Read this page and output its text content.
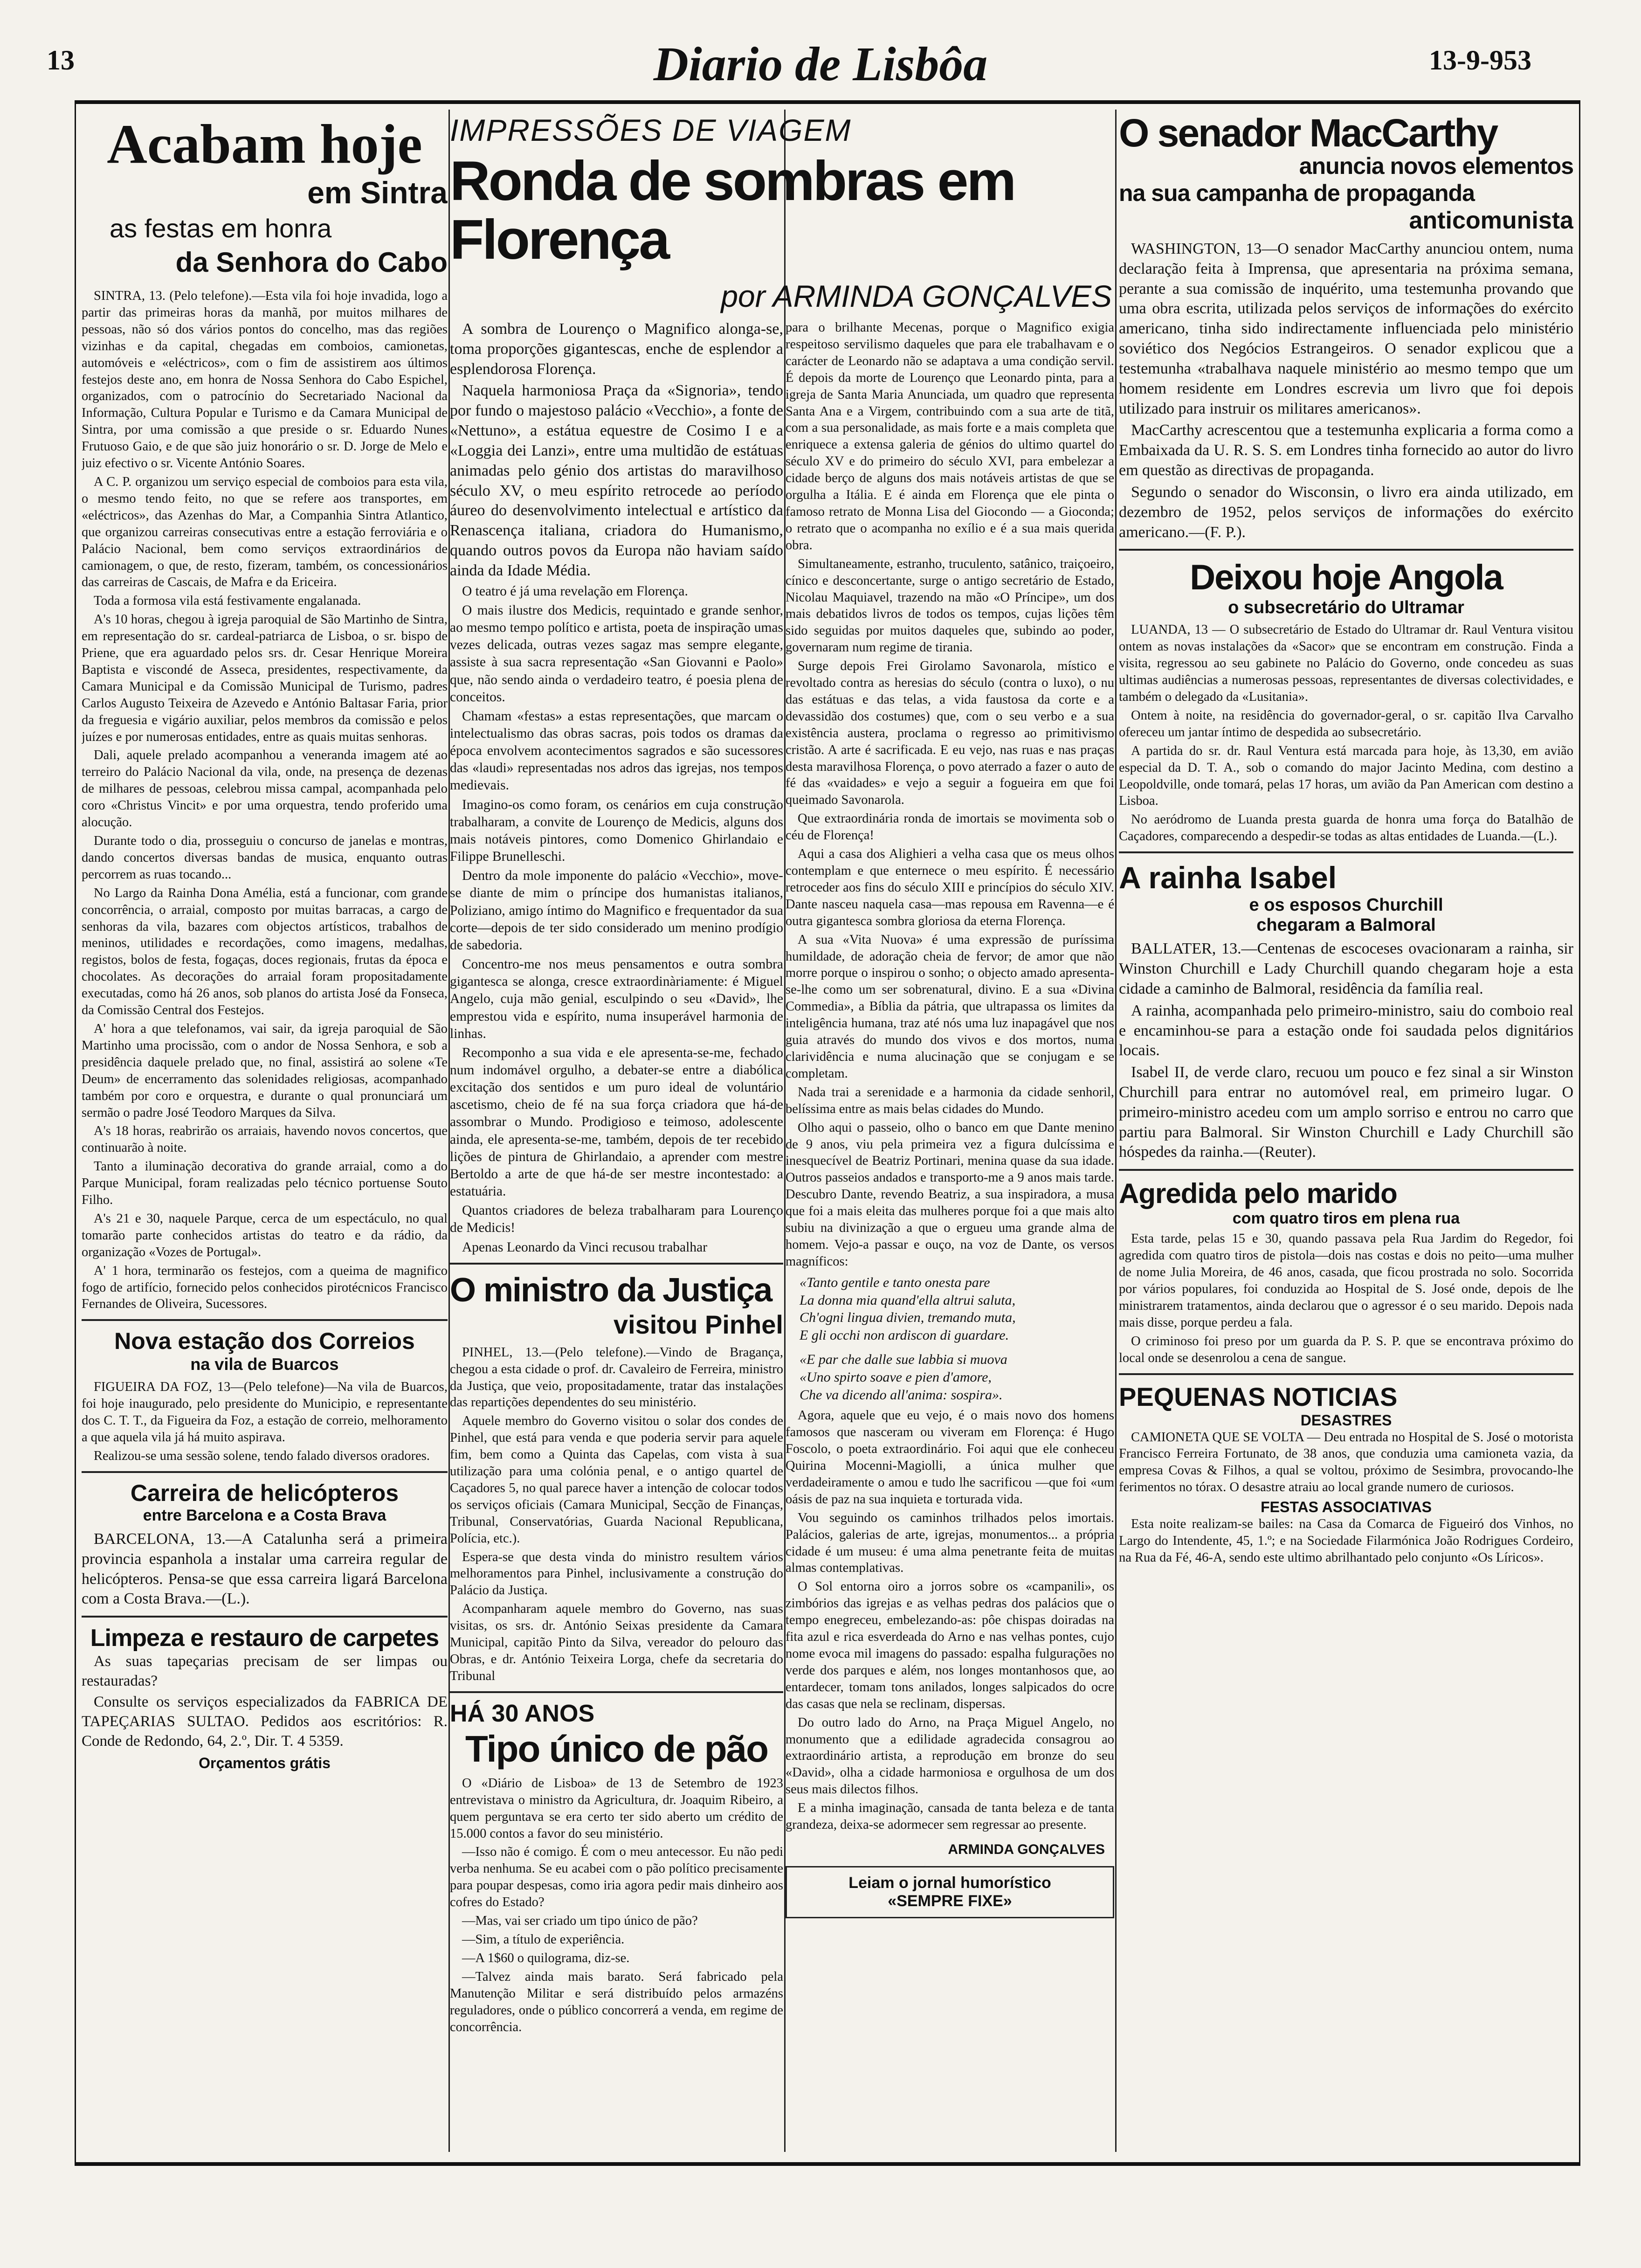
13	Diario de Lisbôa	13-9-953
Acabam hoje
em Sintra
as festas em honra
da Senhora do Cabo

SINTRA, 13. (Pelo telefone).—Esta vila foi hoje invadida, logo a partir das primeiras horas da manhã, por muitos milhares de pessoas, não só dos vários pontos do concelho, mas das regiões vizinhas e da capital, chegadas em comboios, camionetas, automóveis e «eléctricos», com o fim de assistirem aos últimos festejos deste ano, em honra de Nossa Senhora do Cabo Espichel, organizados, com o patrocínio do Secretariado Nacional da Informação, Cultura Popular e Turismo e da Camara Municipal de Sintra, por uma comissão a que preside o sr. Eduardo Nunes Frutuoso Gaio, e de que são juiz honorário o sr. D. Jorge de Melo e juiz efectivo o sr. Vicente António Soares.

A C. P. organizou um serviço especial de comboios para esta vila, o mesmo tendo feito, no que se refere aos transportes, em «eléctricos», das Azenhas do Mar, a Companhia Sintra Atlantico, que organizou carreiras consecutivas entre a estação ferroviária e o Palácio Nacional, bem como serviços extraordinários de camionagem, o que, de resto, fizeram, também, os concessionários das carreiras de Cascais, de Mafra e da Ericeira.

Toda a formosa vila está festivamente engalanada.

A's 10 horas, chegou à igreja paroquial de São Martinho de Sintra, em representação do sr. cardeal-patriarca de Lisboa, o sr. bispo de Priene, que era aguardado pelos srs. dr. Cesar Henrique Moreira Baptista e viscondé de Asseca, presidentes, respectivamente, da Camara Municipal e da Comissão Municipal de Turismo, padres Carlos Augusto Teixeira de Azevedo e António Baltasar Faria, prior da freguesia e vigário auxiliar, pelos membros da comissão e pelos juízes e por numerosas entidades, entre as quais muitas senhoras.

Dali, aquele prelado acompanhou a veneranda imagem até ao terreiro do Palácio Nacional da vila, onde, na presença de dezenas de milhares de pessoas, celebrou missa campal, acompanhada pelo coro «Christus Vincit» e por uma orquestra, tendo proferido uma alocução.

Durante todo o dia, prosseguiu o concurso de janelas e montras, dando concertos diversas bandas de musica, enquanto outras percorrem as ruas tocando...

No Largo da Rainha Dona Amélia, está a funcionar, com grande concorrência, o arraial, composto por muitas barracas, a cargo de senhoras da vila, bazares com objectos artísticos, trabalhos de meninos, utilidades e recordações, como imagens, medalhas, registos, bolos de festa, fogaças, doces regionais, frutas da época e chocolates. As decorações do arraial foram propositadamente executadas, como há 26 anos, sob planos do artista José da Fonseca, da Comissão Central dos Festejos.

A' hora a que telefonamos, vai sair, da igreja paroquial de São Martinho uma procissão, com o andor de Nossa Senhora, e sob a presidência daquele prelado que, no final, assistirá ao solene «Te Deum» de encerramento das solenidades religiosas, acompanhado também por coro e orquestra, e durante o qual pronunciará um sermão o padre José Teodoro Marques da Silva.

A's 18 horas, reabrirão os arraiais, havendo novos concertos, que continuarão à noite.

Tanto a iluminação decorativa do grande arraial, como a do Parque Municipal, foram realizadas pelo técnico portuense Souto Filho.

A's 21 e 30, naquele Parque, cerca de um espectáculo, no qual tomarão parte conhecidos artistas do teatro e da rádio, da organização «Vozes de Portugal».

A' 1 hora, terminarão os festejos, com a queima de magnifico fogo de artifício, fornecido pelos conhecidos pirotécnicos Francisco Fernandes de Oliveira, Sucessores.

Nova estação dos Correios
na vila de Buarcos

FIGUEIRA DA FOZ, 13—(Pelo telefone)—Na vila de Buarcos, foi hoje inaugurado, pelo presidente do Municipio, e representante dos C. T. T., da Figueira da Foz, a estação de correio, melhoramento a que aquela vila já há muito aspirava.

Realizou-se uma sessão solene, tendo falado diversos oradores.

Carreira de helicópteros
entre Barcelona e a Costa Brava

BARCELONA, 13.—A Catalunha será a primeira provincia espanhola a instalar uma carreira regular de helicópteros. Pensa-se que essa carreira ligará Barcelona com a Costa Brava.—(L.).

Limpeza e restauro de carpetes

As suas tapeçarias precisam de ser limpas ou restauradas?

Consulte os serviços especializados da FABRICA DE TAPEÇARIAS SULTAO. Pedidos aos escritórios: R. Conde de Redondo, 64, 2.º, Dir. T. 4 5359.

Orçamentos grátis
IMPRESSÕES DE VIAGEM
Ronda de sombras em Florença
por ARMINDA GONÇALVES

A sombra de Lourenço o Magnifico alonga-se, toma proporções gigantescas, enche de esplendor a esplendorosa Florença.

Naquela harmoniosa Praça da «Signoria», tendo por fundo o majestoso palácio «Vecchio», a fonte de «Nettuno», a estátua equestre de Cosimo I e a «Loggia dei Lanzi», entre uma multidão de estátuas animadas pelo génio dos artistas do maravilhoso século XV, o meu espírito retrocede ao período áureo do desenvolvimento intelectual e artístico da Renascença italiana, criadora do Humanismo, quando outros povos da Europa não haviam saído ainda da Idade Média.

O teatro é já uma revelação em Florença.

O mais ilustre dos Medicis, requintado e grande senhor, ao mesmo tempo político e artista, poeta de inspiração umas vezes delicada, outras vezes sagaz mas sempre elegante, assiste à sua sacra representação «San Giovanni e Paolo» que, não sendo ainda o verdadeiro teatro, é poesia plena de conceitos.

Chamam «festas» a estas representações, que marcam o intelectualismo das obras sacras, pois todos os dramas da época envolvem acontecimentos sagrados e são sucessores das «laudi» representadas nos adros das igrejas, nos tempos medievais.

Imagino-os como foram, os cenários em cuja construção trabalharam, a convite de Lourenço de Medicis, alguns dos mais notáveis pintores, como Domenico Ghirlandaio e Filippe Brunelleschi.

Dentro da mole imponente do palácio «Vecchio», move-se diante de mim o príncipe dos humanistas italianos, Poliziano, amigo íntimo do Magnifico e frequentador da sua corte—depois de ter sido considerado um menino prodígio de sabedoria.

Concentro-me nos meus pensamentos e outra sombra gigantesca se alonga, cresce extraordinàriamente: é Miguel Angelo, cuja mão genial, esculpindo o seu «David», lhe emprestou vida e espírito, numa insuperável harmonia de linhas.

Recomponho a sua vida e ele apresenta-se-me, fechado num indomável orgulho, a debater-se entre a diabólica excitação dos sentidos e um puro ideal de voluntário ascetismo, cheio de fé na sua força criadora que há-de assombrar o Mundo. Prodigioso e teimoso, adolescente ainda, ele apresenta-se-me, também, depois de ter recebido lições de pintura de Ghirlandaio, a aprender com mestre Bertoldo a arte de que há-de ser mestre incontestado: a estatuária.

Quantos criadores de beleza trabalharam para Lourenço de Medicis!

Apenas Leonardo da Vinci recusou trabalhar

O ministro da Justiça
visitou Pinhel

PINHEL, 13.—(Pelo telefone).—Vindo de Bragança, chegou a esta cidade o prof. dr. Cavaleiro de Ferreira, ministro da Justiça, que veio, propositadamente, tratar das instalações das repartições dependentes do seu ministério.

Aquele membro do Governo visitou o solar dos condes de Pinhel, que está para venda e que poderia servir para aquele fim, bem como a Quinta das Capelas, com vista à sua utilização para uma colónia penal, e o antigo quartel de Caçadores 5, no qual parece haver a intenção de colocar todos os serviços oficiais (Camara Municipal, Secção de Finanças, Tribunal, Conservatórias, Guarda Nacional Republicana, Polícia, etc.).

Espera-se que desta vinda do ministro resultem vários melhoramentos para Pinhel, inclusivamente a construção do Palácio da Justiça.

Acompanharam aquele membro do Governo, nas suas visitas, os srs. dr. António Seixas presidente da Camara Municipal, capitão Pinto da Silva, vereador do pelouro das Obras, e dr. António Teixeira Lorga, chefe da secretaria do Tribunal

HÁ 30 ANOS
Tipo único de pão

O «Diário de Lisboa» de 13 de Setembro de 1923 entrevistava o ministro da Agricultura, dr. Joaquim Ribeiro, a quem perguntava se era certo ter sido aberto um crédito de 15.000 contos a favor do seu ministério.

—Isso não é comigo. É com o meu antecessor. Eu não pedi verba nenhuma. Se eu acabei com o pão político precisamente para poupar despesas, como iria agora pedir mais dinheiro aos cofres do Estado?

—Mas, vai ser criado um tipo único de pão?

—Sim, a título de experiência.

—A 1$60 o quilograma, diz-se.

—Talvez ainda mais barato. Será fabricado pela Manutenção Militar e será distribuído pelos armazéns reguladores, onde o público concorrerá a venda, em regime de concorrência.

para o brilhante Mecenas, porque o Magnifico exigia respeitoso servilismo daqueles que para ele trabalhavam e o carácter de Leonardo não se adaptava a uma condição servil. É depois da morte de Lourenço que Leonardo pinta, para a igreja de Santa Maria Anunciada, um quadro que representa Santa Ana e a Virgem, contribuindo com a sua arte de titã, com a sua personalidade, as mais forte e a mais completa que enriquece a extensa galeria de génios do ultimo quartel do século XV e do primeiro do século XVI, para embelezar a cidade berço de alguns dos mais notáveis artistas de que se orgulha a Itália. E é ainda em Florença que ele pinta o famoso retrato de Monna Lisa del Giocondo — a Gioconda; o retrato que o acompanha no exílio e é a sua mais querida obra.

Simultaneamente, estranho, truculento, satânico, traiçoeiro, cínico e desconcertante, surge o antigo secretário de Estado, Nicolau Maquiavel, trazendo na mão «O Príncipe», um dos mais debatidos livros de todos os tempos, cujas lições têm sido seguidas por muitos daqueles que, subindo ao poder, governaram num regime de tirania.

Surge depois Frei Girolamo Savonarola, místico e revoltado contra as heresias do século (contra o luxo), o nu das estátuas e das telas, a vida faustosa da corte e a devassidão dos costumes) que, com o seu verbo e a sua existência austera, proclama o regresso ao primitivismo cristão. A arte é sacrificada. E eu vejo, nas ruas e nas praças desta maravilhosa Florença, o povo aterrado a fazer o auto de fé das «vaidades» e vejo a seguir a fogueira em que foi queimado Savonarola.

Que extraordinária ronda de imortais se movimenta sob o céu de Florença!

Aqui a casa dos Alighieri a velha casa que os meus olhos contemplam e que enternece o meu espírito. É necessário retroceder aos fins do século XIII e princípios do século XIV. Dante nasceu naquela casa—mas repousa em Ravenna—e é outra gigantesca sombra gloriosa da eterna Florença.

A sua «Vita Nuova» é uma expressão de puríssima humildade, de adoração cheia de fervor; de amor que não morre porque o inspirou o sonho; o objecto amado apresenta-se-lhe como um ser sobrenatural, divino. E a sua «Divina Commedia», a Bíblia da pátria, que ultrapassa os limites da inteligência humana, traz até nós uma luz inapagável que nos guia através do mundo dos vivos e dos mortos, numa clarividência e numa alucinação que se conjugam e se completam.

Nada trai a serenidade e a harmonia da cidade senhoril, belíssima entre as mais belas cidades do Mundo.

Olho aqui o passeio, olho o banco em que Dante menino de 9 anos, viu pela primeira vez a figura dulcíssima e inesquecível de Beatriz Portinari, menina quase da sua idade. Outros passeios andados e transporto-me a 9 anos mais tarde. Descubro Dante, revendo Beatriz, a sua inspiradora, a musa que foi a mais eleita das mulheres porque foi a que mais alto subiu na divinização a que o ergueu uma grande alma de homem. Vejo-a passar e ouço, na voz de Dante, os versos magníficos:

«Tanto gentile e tanto onesta pare
La donna mia quand'ella altrui saluta,
Ch'ogni lingua divien, tremando muta,
E gli occhi non ardiscon di guardare.
«E par che dalle sue labbia si muova
«Uno spirto soave e pien d'amore,
Che va dicendo all'anima: sospira».

Agora, aquele que eu vejo, é o mais novo dos homens famosos que nasceram ou viveram em Florença: é Hugo Foscolo, o poeta extraordinário. Foi aqui que ele conheceu Quirina Mocenni-Magiolli, a única mulher que verdadeiramente o amou e tudo lhe sacrificou —que foi «um oásis de paz na sua inquieta e torturada vida.

Vou seguindo os caminhos trilhados pelos imortais. Palácios, galerias de arte, igrejas, monumentos... a própria cidade é um museu: é uma alma penetrante feita de muitas almas contemplativas.

O Sol entorna oiro a jorros sobre os «campanili», os zimbórios das igrejas e as velhas pedras dos palácios que o tempo enegreceu, embelezando-as: pôe chispas doiradas na fita azul e rica esverdeada do Arno e nas velhas pontes, cujo nome evoca mil imagens do passado: espalha fulgurações no verde dos parques e além, nos longes montanhosos que, ao entardecer, tomam tons anilados, longes salpicados do ocre das casas que nela se reclinam, dispersas.

Do outro lado do Arno, na Praça Miguel Angelo, no monumento que a edilidade agradecida consagrou ao extraordinário artista, a reprodução em bronze do seu «David», olha a cidade harmoniosa e orgulhosa de um dos seus mais dilectos filhos.

E a minha imaginação, cansada de tanta beleza e de tanta grandeza, deixa-se adormecer sem regressar ao presente.

ARMINDA GONÇALVES
Leiam o jornal humorístico
«SEMPRE FIXE»
O senador MacCarthy
anuncia novos elementos
na sua campanha de propaganda
anticomunista

WASHINGTON, 13—O senador MacCarthy anunciou ontem, numa declaração feita à Imprensa, que apresentaria na próxima semana, perante a sua comissão de inquérito, uma testemunha provando que uma obra escrita, utilizada pelos serviços de informações do exército americano, tinha sido indirectamente influenciada pelo ministério soviético dos Negócios Estrangeiros. O senador explicou que a testemunha «trabalhava naquele ministério ao mesmo tempo que um homem residente em Londres escrevia um livro que foi depois utilizado para instruir os militares americanos».

MacCarthy acrescentou que a testemunha explicaria a forma como a Embaixada da U. R. S. S. em Londres tinha fornecido ao autor do livro em questão as directivas de propaganda.

Segundo o senador do Wisconsin, o livro era ainda utilizado, em dezembro de 1952, pelos serviços de informações do exército americano.—(F. P.).

Deixou hoje Angola
o subsecretário do Ultramar

LUANDA, 13 — O subsecretário de Estado do Ultramar dr. Raul Ventura visitou ontem as novas instalações da «Sacor» que se encontram em construção. Finda a visita, regressou ao seu gabinete no Palácio do Governo, onde concedeu as suas ultimas audiências a numerosas pessoas, representantes de diversas colectividades, e também o delegado da «Lusitania».

Ontem à noite, na residência do governador-geral, o sr. capitão Ilva Carvalho ofereceu um jantar íntimo de despedida ao subsecretário.

A partida do sr. dr. Raul Ventura está marcada para hoje, às 13,30, em avião especial da D. T. A., sob o comando do major Jacinto Medina, com destino a Leopoldville, onde tomará, pelas 17 horas, um avião da Pan American com destino a Lisboa.

No aeródromo de Luanda presta guarda de honra uma força do Batalhão de Caçadores, comparecendo a despedir-se todas as altas entidades de Luanda.—(L.).

A rainha Isabel
e os esposos Churchill
chegaram a Balmoral

BALLATER, 13.—Centenas de escoceses ovacionaram a rainha, sir Winston Churchill e Lady Churchill quando chegaram hoje a esta cidade a caminho de Balmoral, residência da família real.

A rainha, acompanhada pelo primeiro-ministro, saiu do comboio real e encaminhou-se para a estação onde foi saudada pelos dignitários locais.

Isabel II, de verde claro, recuou um pouco e fez sinal a sir Winston Churchill para entrar no automóvel real, em primeiro lugar. O primeiro-ministro acedeu com um amplo sorriso e entrou no carro que partiu para Balmoral. Sir Winston Churchill e Lady Churchill são hóspedes da rainha.—(Reuter).

Agredida pelo marido
com quatro tiros em plena rua

Esta tarde, pelas 15 e 30, quando passava pela Rua Jardim do Regedor, foi agredida com quatro tiros de pistola—dois nas costas e dois no peito—uma mulher de nome Julia Moreira, de 46 anos, casada, que ficou prostrada no solo. Socorrida por vários populares, foi conduzida ao Hospital de S. José onde, depois de lhe ministrarem tratamentos, ainda declarou que o agressor é o seu marido. Depois nada mais disse, porque perdeu a fala.

O criminoso foi preso por um guarda da P. S. P. que se encontrava próximo do local onde se desenrolou a cena de sangue.

PEQUENAS NOTICIAS
DESASTRES

CAMIONETA QUE SE VOLTA — Deu entrada no Hospital de S. José o motorista Francisco Ferreira Fortunato, de 38 anos, que conduzia uma camioneta vazia, da empresa Covas & Filhos, a qual se voltou, próximo de Sesimbra, provocando-lhe ferimentos no tórax. O desastre atraiu ao local grande numero de curiosos.

FESTAS ASSOCIATIVAS

Esta noite realizam-se bailes: na Casa da Comarca de Figueiró dos Vinhos, no Largo do Intendente, 45, 1.º; e na Sociedade Filarmónica João Rodrigues Cordeiro, na Rua da Fé, 46-A, sendo este ultimo abrilhantado pelo conjunto «Os Líricos».
